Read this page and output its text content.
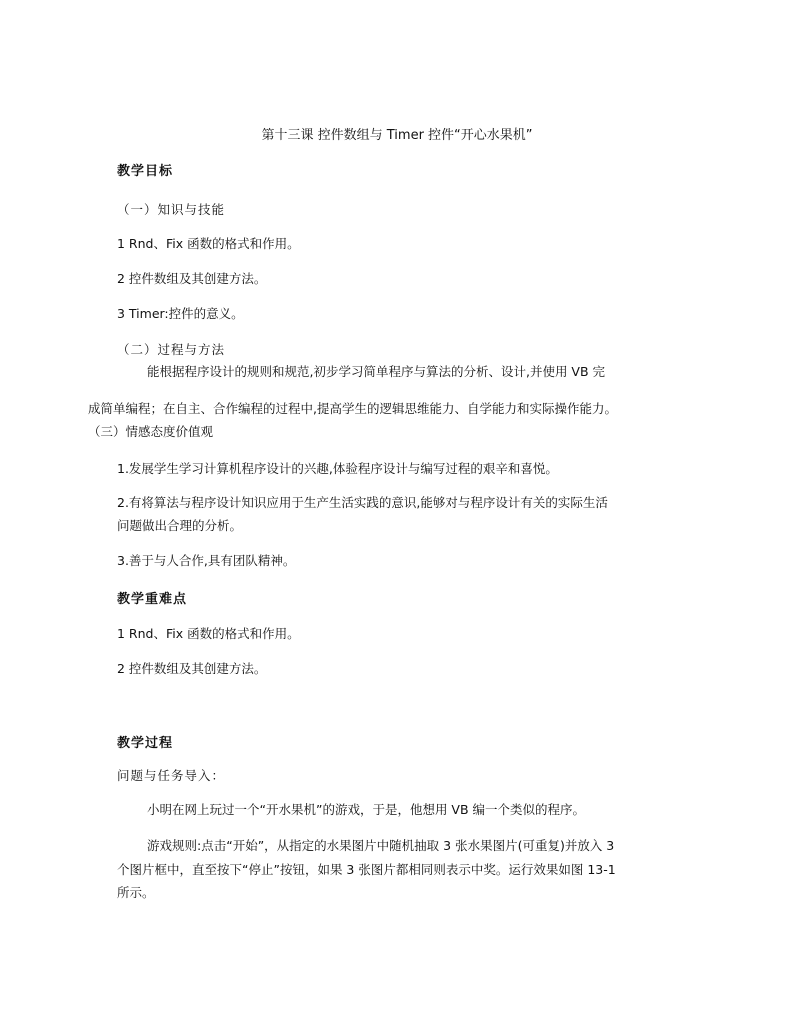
第十三课 控件数组与 Timer 控件“开心水果机”
教学目标
（一）知识与技能
1 Rnd、Fix 函数的格式和作用。
2 控件数组及其创建方法。
3 Timer:控件的意义。
（二）过程与方法
能根据程序设计的规则和规范,初步学习简单程序与算法的分析、设计,并使用 VB 完
成简单编程；在自主、合作编程的过程中,提高学生的逻辑思维能力、自学能力和实际操作能力。
（三）情感态度价值观
1.发展学生学习计算机程序设计的兴趣,体验程序设计与编写过程的艰辛和喜悦。
2.有将算法与程序设计知识应用于生产生活实践的意识,能够对与程序设计有关的实际生活
问题做出合理的分析。
3.善于与人合作,具有团队精神。
教学重难点
1 Rnd、Fix 函数的格式和作用。
2 控件数组及其创建方法。
教学过程
问题与任务导入：
小明在网上玩过一个“开水果机”的游戏，于是，他想用 VB 编一个类似的程序。
游戏规则:点击“开始”，从指定的水果图片中随机抽取 3 张水果图片(可重复)并放入 3
个图片框中，直至按下“停止”按钮，如果 3 张图片都相同则表示中奖。运行效果如图 13-1
所示。
